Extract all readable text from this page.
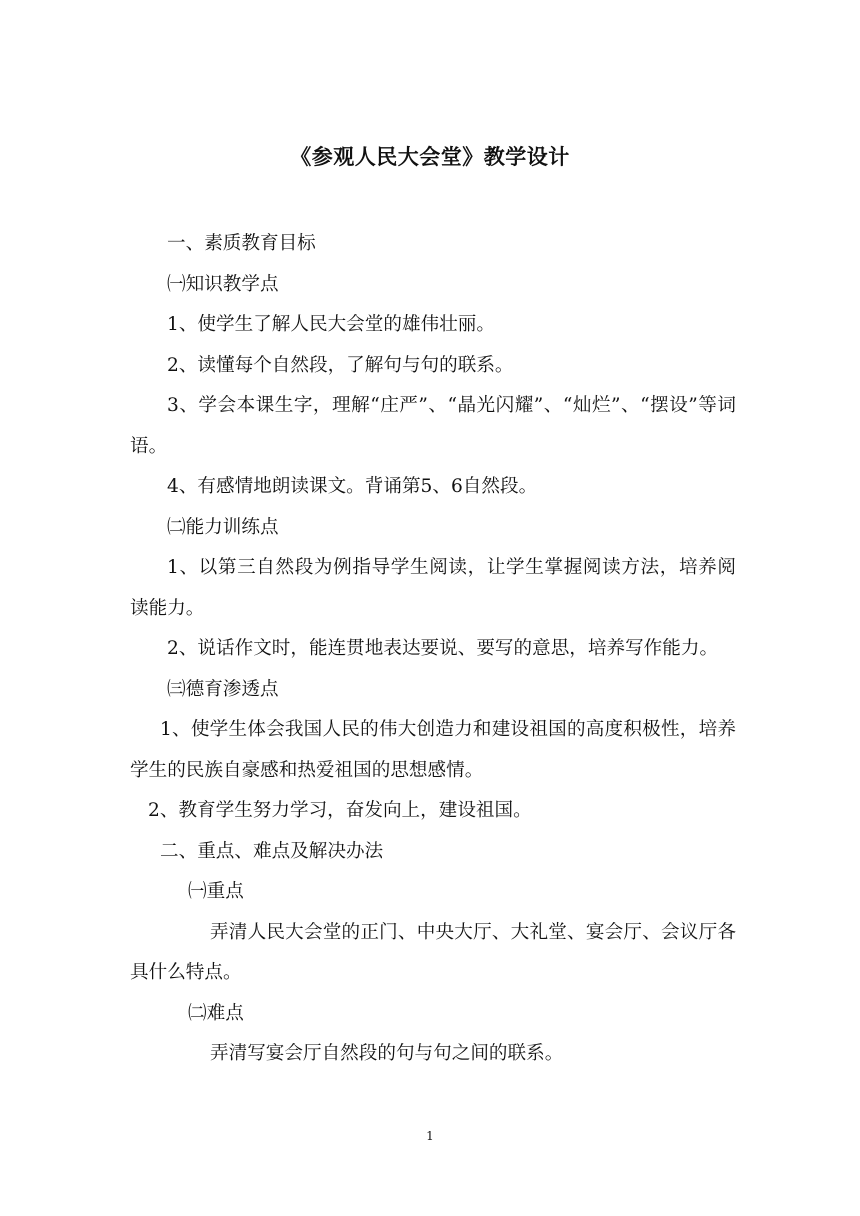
《参观人民大会堂》教学设计

一、素质教育目标

㈠知识教学点

1、使学生了解人民大会堂的雄伟壮丽。

2、读懂每个自然段，了解句与句的联系。

3、学会本课生字，理解“庄严”、“晶光闪耀”、“灿烂”、“摆设”等词语。

4、有感情地朗读课文。背诵第5、6自然段。

㈡能力训练点

1、以第三自然段为例指导学生阅读，让学生掌握阅读方法，培养阅读能力。

2、说话作文时，能连贯地表达要说、要写的意思，培养写作能力。

㈢德育渗透点

1、使学生体会我国人民的伟大创造力和建设祖国的高度积极性，培养学生的民族自豪感和热爱祖国的思想感情。

2、教育学生努力学习，奋发向上，建设祖国。

二、重点、难点及解决办法

㈠重点

弄清人民大会堂的正门、中央大厅、大礼堂、宴会厅、会议厅各具什么特点。

㈡难点

弄清写宴会厅自然段的句与句之间的联系。

1
